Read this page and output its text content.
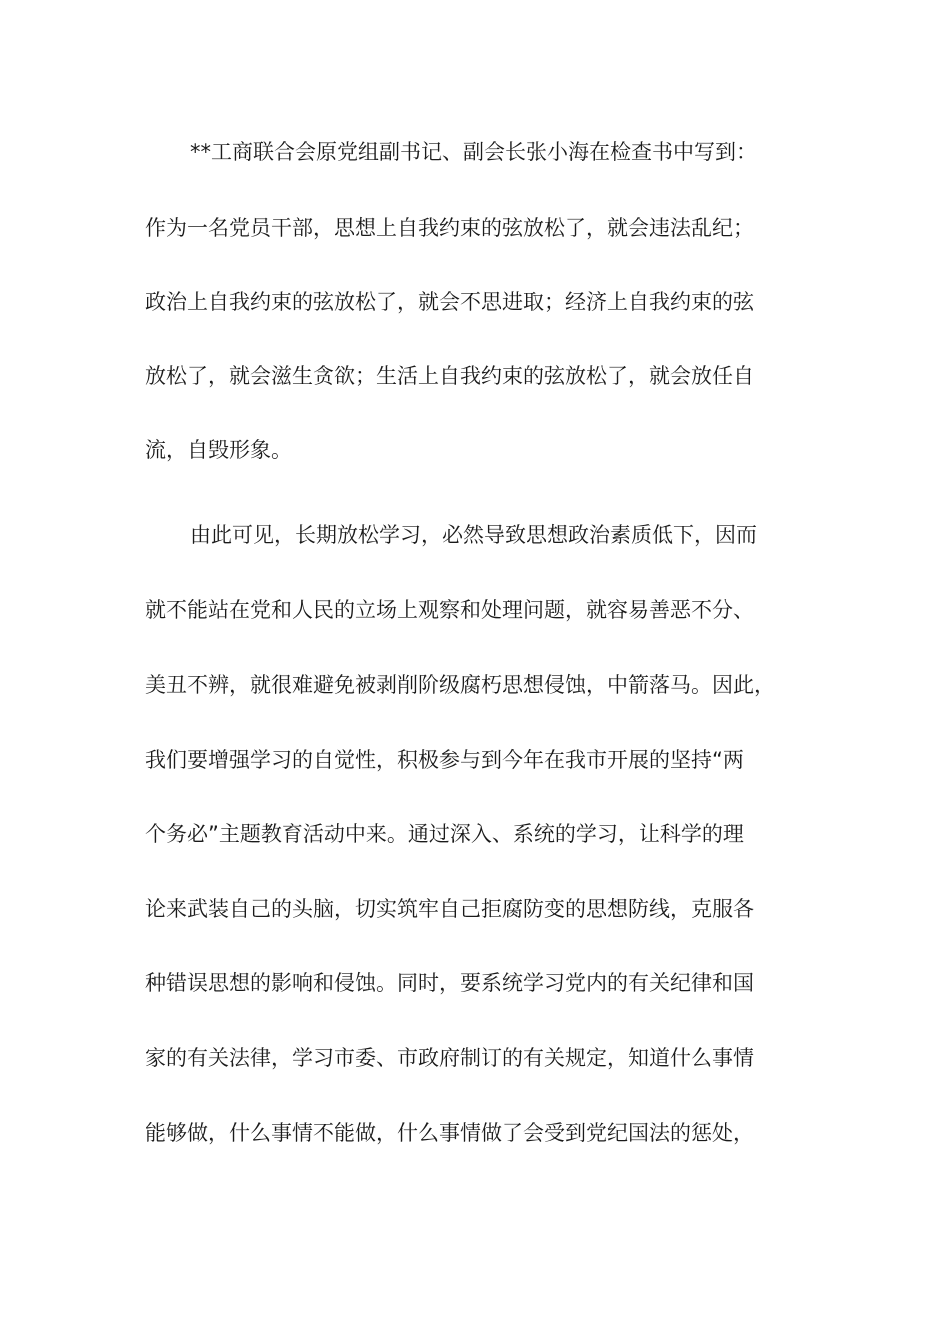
**工商联合会原党组副书记、副会长张小海在检查书中写到：
作为一名党员干部，思想上自我约束的弦放松了，就会违法乱纪；
政治上自我约束的弦放松了，就会不思进取；经济上自我约束的弦
放松了，就会滋生贪欲；生活上自我约束的弦放松了，就会放任自
流，自毁形象。
由此可见，长期放松学习，必然导致思想政治素质低下，因而
就不能站在党和人民的立场上观察和处理问题，就容易善恶不分、
美丑不辨，就很难避免被剥削阶级腐朽思想侵蚀，中箭落马。因此，
我们要增强学习的自觉性，积极参与到今年在我市开展的坚持“两
个务必”主题教育活动中来。通过深入、系统的学习，让科学的理
论来武装自己的头脑，切实筑牢自己拒腐防变的思想防线，克服各
种错误思想的影响和侵蚀。同时，要系统学习党内的有关纪律和国
家的有关法律，学习市委、市政府制订的有关规定，知道什么事情
能够做，什么事情不能做，什么事情做了会受到党纪国法的惩处，
